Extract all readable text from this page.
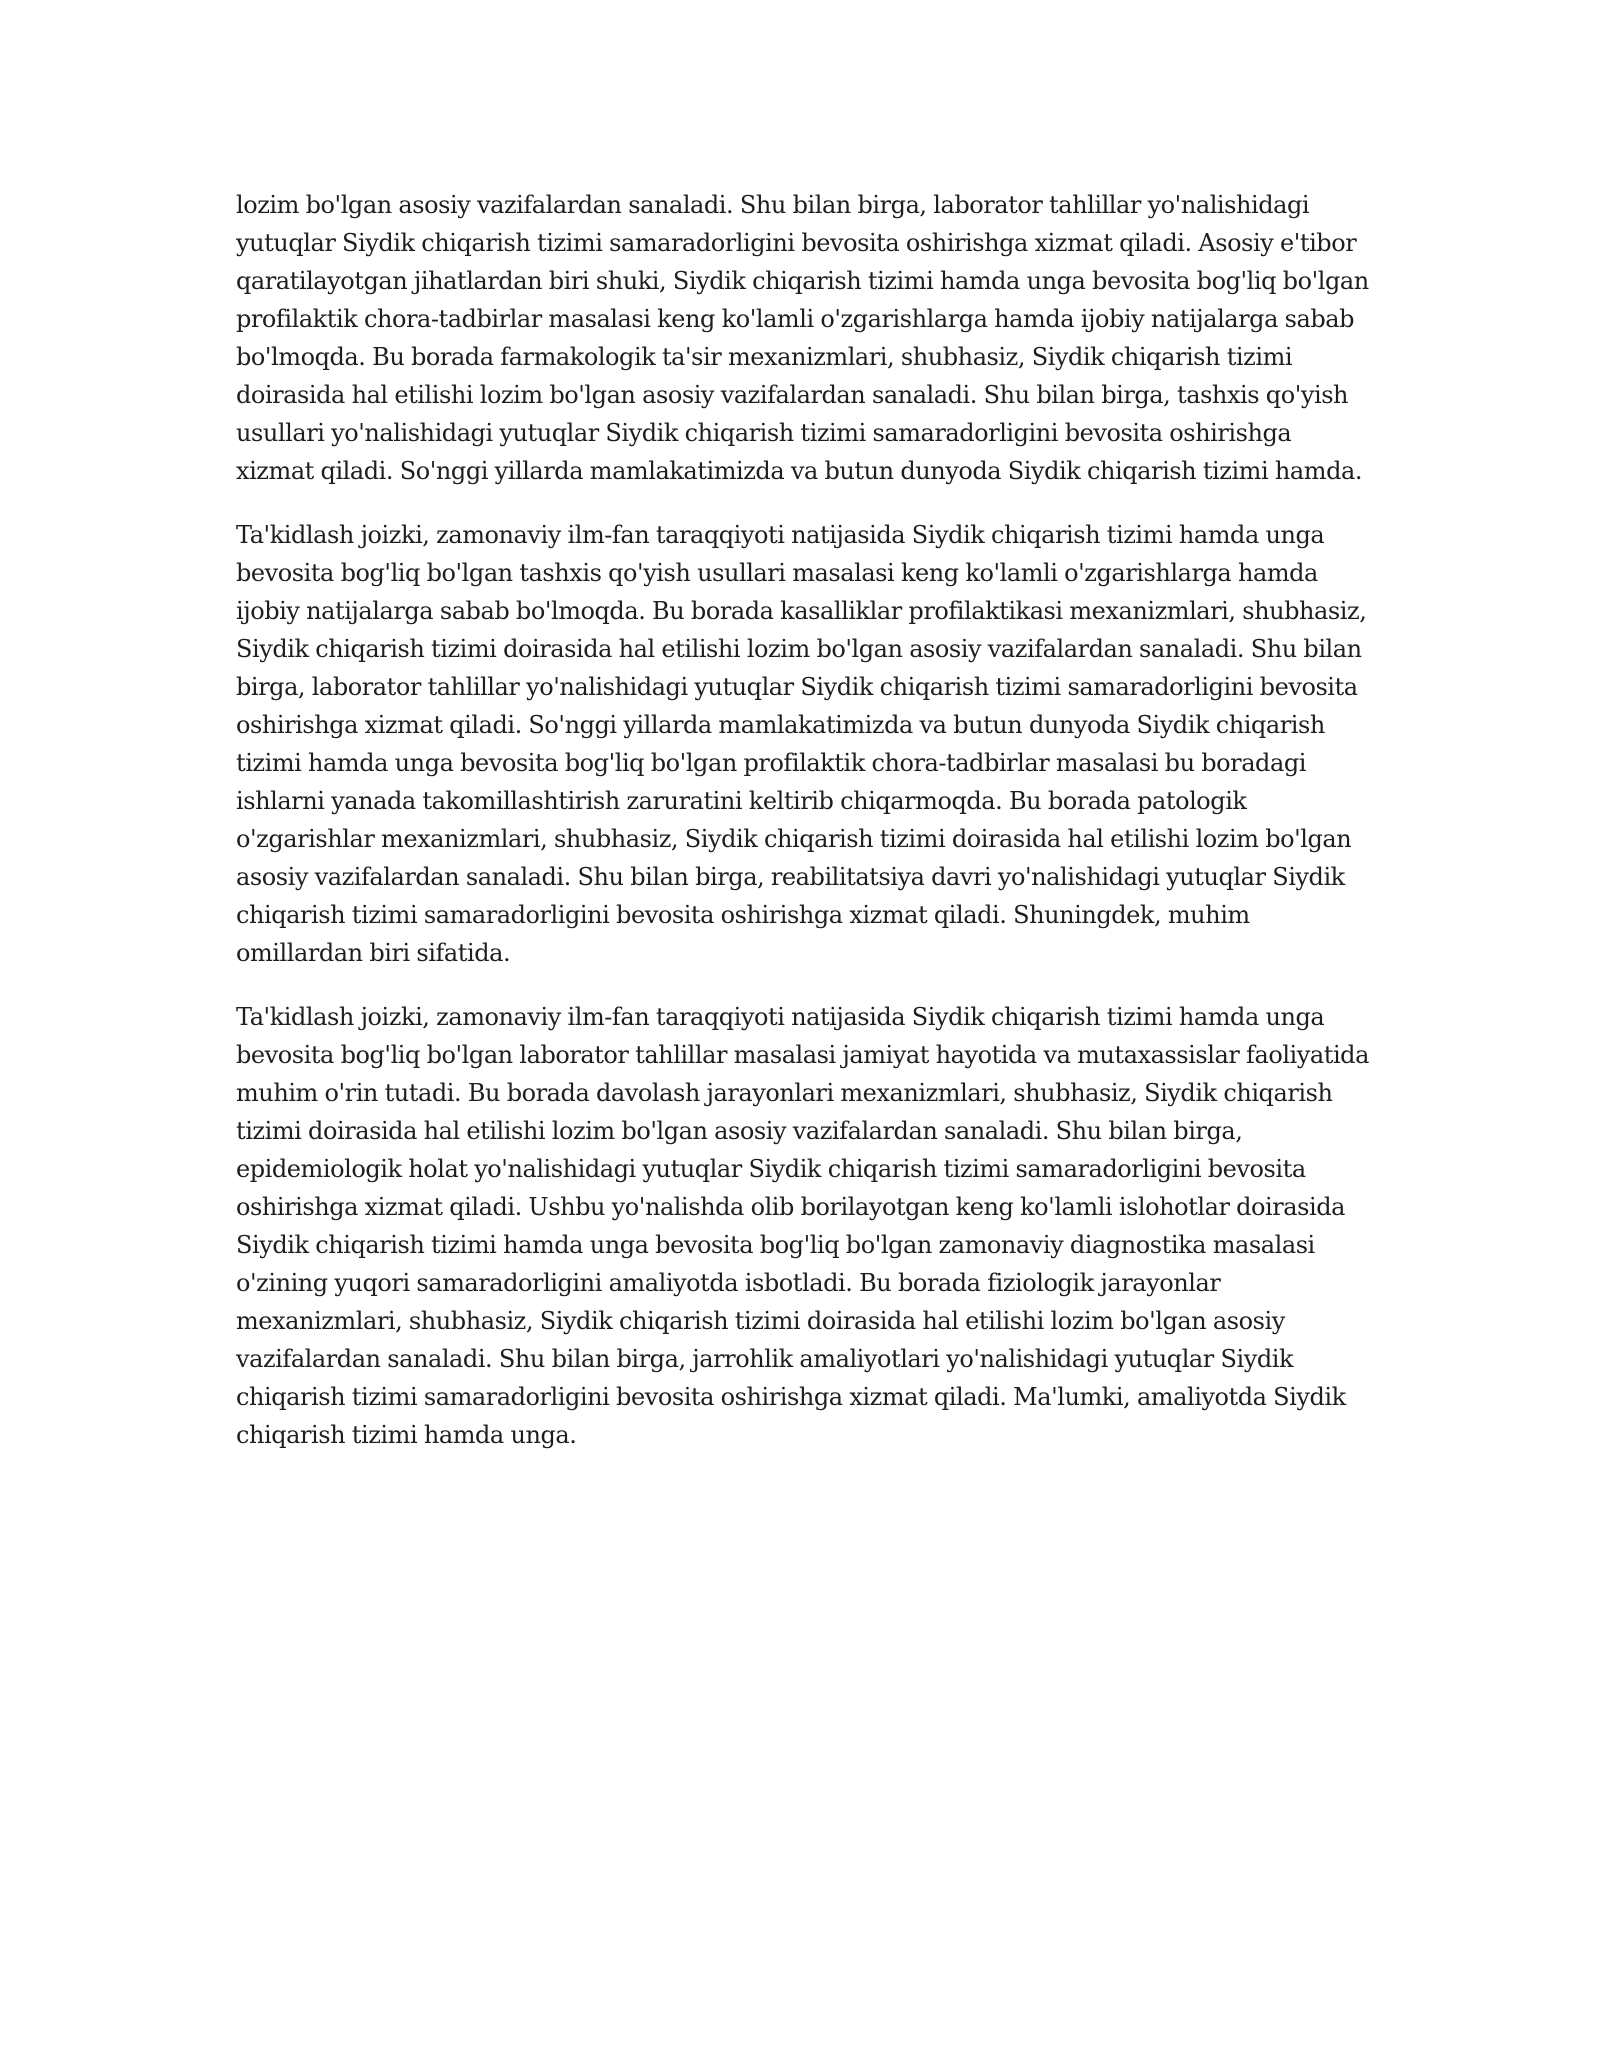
lozim bo'lgan asosiy vazifalardan sanaladi. Shu bilan birga, laborator tahlillar yo'nalishidagi yutuqlar Siydik chiqarish tizimi samaradorligini bevosita oshirishga xizmat qiladi. Asosiy e'tibor qaratilayotgan jihatlardan biri shuki, Siydik chiqarish tizimi hamda unga bevosita bog'liq bo'lgan profilaktik chora-tadbirlar masalasi keng ko'lamli o'zgarishlarga hamda ijobiy natijalarga sabab bo'lmoqda. Bu borada farmakologik ta'sir mexanizmlari, shubhasiz, Siydik chiqarish tizimi doirasida hal etilishi lozim bo'lgan asosiy vazifalardan sanaladi. Shu bilan birga, tashxis qo'yish usullari yo'nalishidagi yutuqlar Siydik chiqarish tizimi samaradorligini bevosita oshirishga xizmat qiladi. So'nggi yillarda mamlakatimizda va butun dunyoda Siydik chiqarish tizimi hamda.

Ta'kidlash joizki, zamonaviy ilm-fan taraqqiyoti natijasida Siydik chiqarish tizimi hamda unga bevosita bog'liq bo'lgan tashxis qo'yish usullari masalasi keng ko'lamli o'zgarishlarga hamda ijobiy natijalarga sabab bo'lmoqda. Bu borada kasalliklar profilaktikasi mexanizmlari, shubhasiz, Siydik chiqarish tizimi doirasida hal etilishi lozim bo'lgan asosiy vazifalardan sanaladi. Shu bilan birga, laborator tahlillar yo'nalishidagi yutuqlar Siydik chiqarish tizimi samaradorligini bevosita oshirishga xizmat qiladi. So'nggi yillarda mamlakatimizda va butun dunyoda Siydik chiqarish tizimi hamda unga bevosita bog'liq bo'lgan profilaktik chora-tadbirlar masalasi bu boradagi ishlarni yanada takomillashtirish zaruratini keltirib chiqarmoqda. Bu borada patologik o'zgarishlar mexanizmlari, shubhasiz, Siydik chiqarish tizimi doirasida hal etilishi lozim bo'lgan asosiy vazifalardan sanaladi. Shu bilan birga, reabilitatsiya davri yo'nalishidagi yutuqlar Siydik chiqarish tizimi samaradorligini bevosita oshirishga xizmat qiladi. Shuningdek, muhim omillardan biri sifatida.

Ta'kidlash joizki, zamonaviy ilm-fan taraqqiyoti natijasida Siydik chiqarish tizimi hamda unga bevosita bog'liq bo'lgan laborator tahlillar masalasi jamiyat hayotida va mutaxassislar faoliyatida muhim o'rin tutadi. Bu borada davolash jarayonlari mexanizmlari, shubhasiz, Siydik chiqarish tizimi doirasida hal etilishi lozim bo'lgan asosiy vazifalardan sanaladi. Shu bilan birga, epidemiologik holat yo'nalishidagi yutuqlar Siydik chiqarish tizimi samaradorligini bevosita oshirishga xizmat qiladi. Ushbu yo'nalishda olib borilayotgan keng ko'lamli islohotlar doirasida Siydik chiqarish tizimi hamda unga bevosita bog'liq bo'lgan zamonaviy diagnostika masalasi o'zining yuqori samaradorligini amaliyotda isbotladi. Bu borada fiziologik jarayonlar mexanizmlari, shubhasiz, Siydik chiqarish tizimi doirasida hal etilishi lozim bo'lgan asosiy vazifalardan sanaladi. Shu bilan birga, jarrohlik amaliyotlari yo'nalishidagi yutuqlar Siydik chiqarish tizimi samaradorligini bevosita oshirishga xizmat qiladi. Ma'lumki, amaliyotda Siydik chiqarish tizimi hamda unga.
